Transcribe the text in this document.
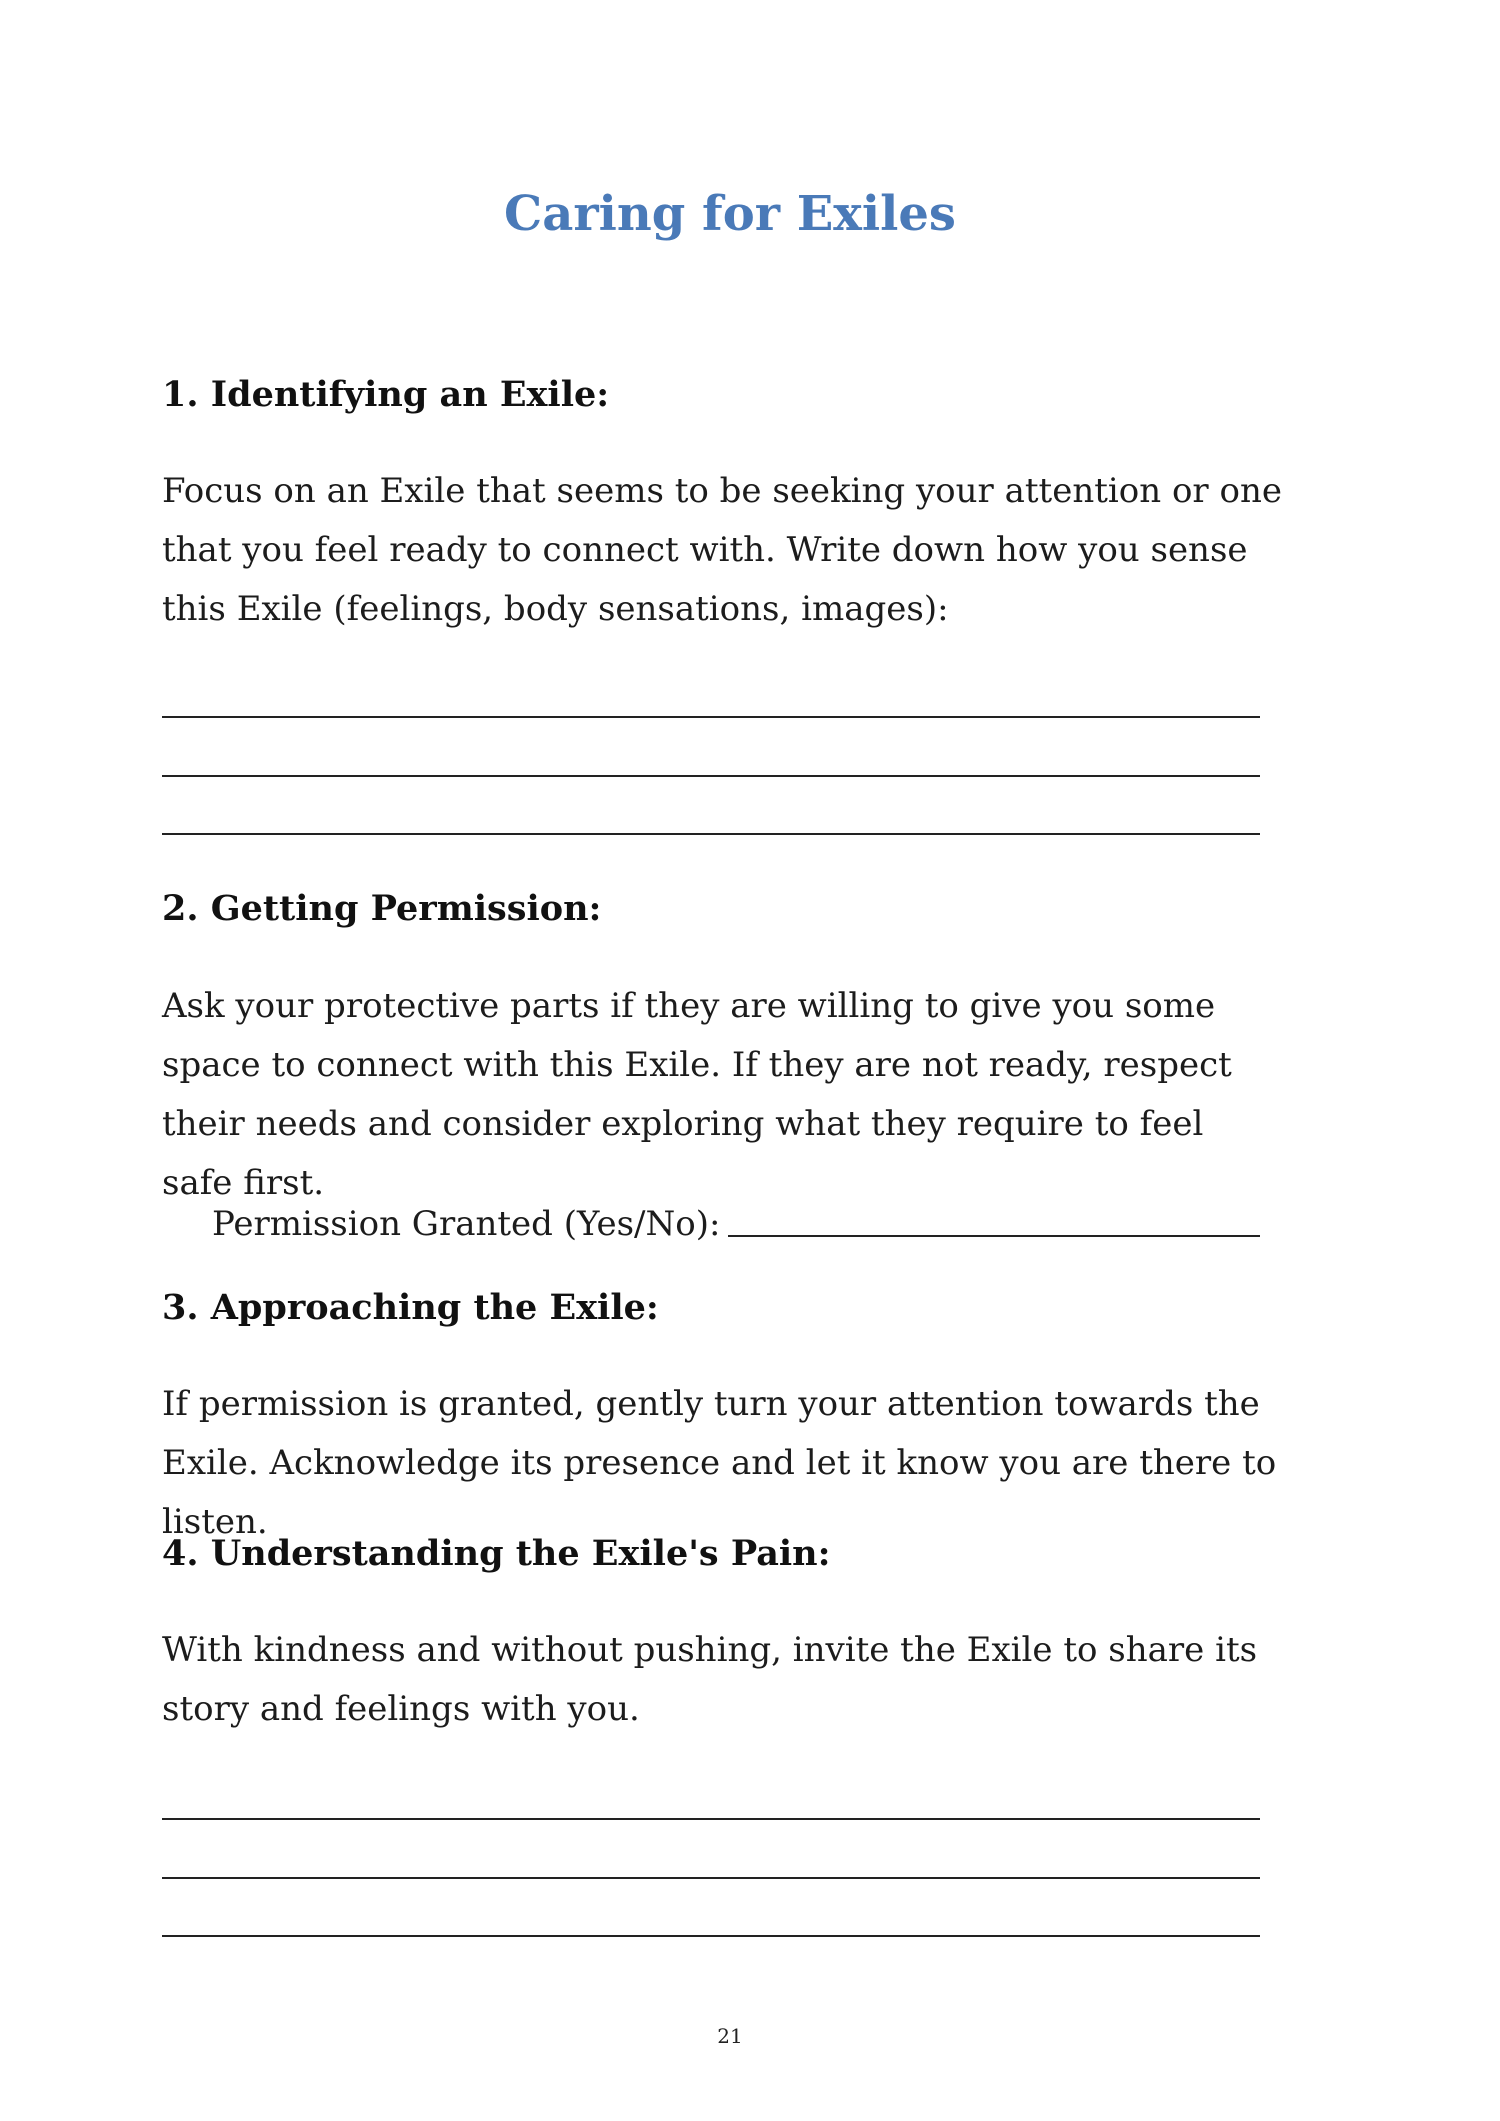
Caring for Exiles
1. Identifying an Exile:

Focus on an Exile that seems to be seeking your attention or one that you feel ready to connect with. Write down how you sense this Exile (feelings, body sensations, images):

2. Getting Permission:

Ask your protective parts if they are willing to give you some space to connect with this Exile. If they are not ready, respect their needs and consider exploring what they require to feel safe first.

Permission Granted (Yes/No):
3. Approaching the Exile:

If permission is granted, gently turn your attention towards the Exile. Acknowledge its presence and let it know you are there to listen.

4. Understanding the Exile's Pain:

With kindness and without pushing, invite the Exile to share its story and feelings with you.

21
